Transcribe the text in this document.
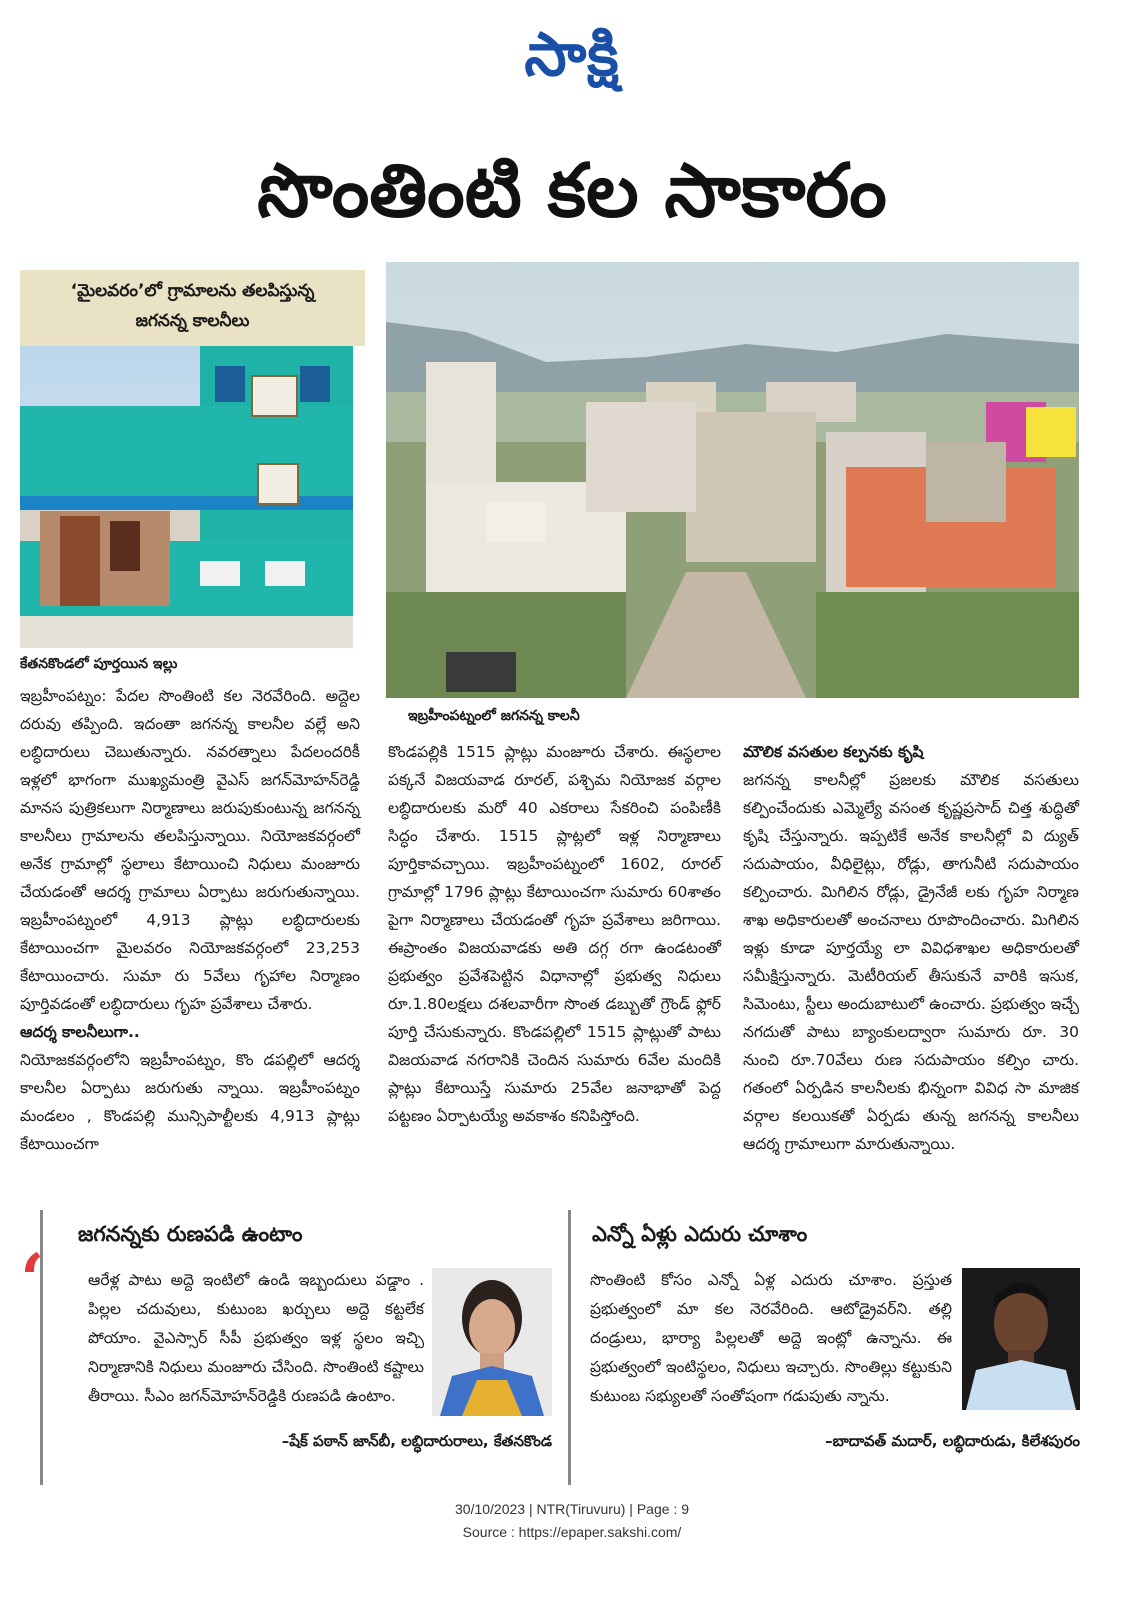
సాక్షి
సొంతింటి కల సాకారం
‘మైలవరం’లో గ్రామాలను తలపిస్తున్న
జగనన్న కాలనీలు
కేతనకొండలో పూర్తయిన ఇల్లు
ఇబ్రహీంపట్నంలో జగనన్న కాలనీ

ఇబ్రహీంపట్నం: పేదల సొంతింటి కల నెరవేరింది. అద్దెల దరువు తప్పింది. ఇదంతా జగనన్న కాలనీల వల్లే అని లబ్ధిదారులు చెబుతున్నారు. నవరత్నాలు పేదలందరికీ ఇళ్లలో భాగంగా ముఖ్యమంత్రి వైఎస్ జగన్‌మోహన్‌రెడ్డి మానస పుత్రికలుగా నిర్మాణాలు జరుపుకుంటున్న జగనన్న కాలనీలు గ్రామాలను తలపిస్తున్నాయి. నియోజకవర్గంలో అనేక గ్రామాల్లో స్థలాలు కేటాయించి నిధులు మంజూరు చేయడంతో ఆదర్శ గ్రామాలు ఏర్పాటు జరుగుతున్నాయి. ఇబ్రహీంపట్నంలో 4,913 ప్లాట్లు లబ్ధిదారులకు కేటాయించగా మైలవరం నియోజకవర్గంలో 23,253 కేటాయించారు. సుమా రు 5వేలు గృహాల నిర్మాణం పూర్తివడంతో లబ్ధిదారులు గృహ ప్రవేశాలు చేశారు.

ఆదర్శ కాలనీలుగా..

నియోజకవర్గంలోని ఇబ్రహీంపట్నం, కొం డపల్లిలో ఆదర్శ కాలనీల ఏర్పాటు జరుగుతు న్నాయి. ఇబ్రహీంపట్నం మండలం , కొండపల్లి మున్సిపాల్టీలకు 4,913 ప్లాట్లు కేటాయించగా

కొండపల్లికి 1515 ప్లాట్లు మంజూరు చేశారు. ఈస్థలాల పక్కనే విజయవాడ రూరల్, పశ్చిమ నియోజక వర్గాల లబ్ధిదారులకు మరో 40 ఎకరాలు సేకరించి పంపిణీకి సిద్ధం చేశారు. 1515 ప్లాట్లలో ఇళ్ల నిర్మాణాలు పూర్తికావచ్చాయి. ఇబ్రహీంపట్నంలో 1602, రూరల్ గ్రామాల్లో 1796 ప్లాట్లు కేటాయించగా సుమారు 60శాతం పైగా నిర్మాణాలు చేయడంతో గృహ ప్రవేశాలు జరిగాయి. ఈప్రాంతం విజయవాడకు అతి దగ్గ రగా ఉండటంతో ప్రభుత్వం ప్రవేశపెట్టిన విధానాల్లో ప్రభుత్వ నిధులు రూ.1.80లక్షలు దశలవారీగా సొంత డబ్బుతో గ్రౌండ్ ఫ్లోర్ పూర్తి చేసుకున్నారు. కొండపల్లిలో 1515 ప్లాట్లుతో పాటు విజయవాడ నగరానికి చెందిన సుమారు 6వేల మందికి ప్లాట్లు కేటాయిస్తే సుమారు 25వేల జనాభాతో పెద్ద పట్టణం ఏర్పాటయ్యే అవకాశం కనిపిస్తోంది.

మౌలిక వసతుల కల్పనకు కృషి

జగనన్న కాలనీల్లో ప్రజలకు మౌలిక వసతులు కల్పించేందుకు ఎమ్మెల్యే వసంత కృష్ణప్రసాద్ చిత్త శుద్ధితో కృషి చేస్తున్నారు. ఇప్పటికే అనేక కాలనీల్లో వి ద్యుత్ సదుపాయం, వీధిలైట్లు, రోడ్లు, తాగునీటి సదుపాయం కల్పించారు. మిగిలిన రోడ్లు, డ్రైనేజీ లకు గృహ నిర్మాణ శాఖ అధికారులతో అంచనాలు రూపొందించారు. మిగిలిన ఇళ్లు కూడా పూర్తయ్యే లా వివిధశాఖల అధికారులతో సమీక్షిస్తున్నారు. మెటీరియల్ తీసుకునే వారికి ఇసుక, సిమెంటు, స్టీలు అందుబాటులో ఉంచారు. ప్రభుత్వం ఇచ్చే నగదుతో పాటు బ్యాంకులద్వారా సుమారు రూ. 30 నుంచి రూ.70వేలు రుణ సదుపాయం కల్పిం చారు. గతంలో ఏర్పడిన కాలనీలకు భిన్నంగా వివిధ సా మాజిక వర్గాల కలయికతో ఏర్పడు తున్న జగనన్న కాలనీలు ఆదర్శ గ్రామాలుగా మారుతున్నాయి.

జగనన్నకు రుణపడి ఉంటాం
‘	ఆరేళ్ల పాటు అద్దె ఇంటిలో ఉండి ఇబ్బందులు పడ్డాం . పిల్లల చదువులు, కుటుంబ ఖర్చులు అద్దె కట్టలేక పోయాం. వైఎస్సార్ సీపీ ప్రభుత్వం ఇళ్ల స్థలం ఇచ్చి నిర్మాణానికి నిధులు మంజూరు చేసింది. సొంతింటి కష్టాలు తీరాయి. సీఎం జగన్‌మోహన్‌రెడ్డికి రుణపడి ఉంటాం.
–షేక్ పఠాన్ జాన్‌బీ, లబ్ధిదారురాలు, కేతనకొండ
ఎన్నో ఏళ్లు ఎదురు చూశాం
సొంతింటి కోసం ఎన్నో ఏళ్ల ఎదురు చూశాం. ప్రస్తుత ప్రభుత్వంలో మా కల నెరవేరింది. ఆటోడ్రైవర్‌ని. తల్లి దండ్రులు, భార్యా పిల్లలతో అద్దె ఇంట్లో ఉన్నాను. ఈ ప్రభుత్వంలో ఇంటిస్థలం, నిధులు ఇచ్చారు. సొంతిల్లు కట్టుకుని కుటుంబ సభ్యులతో సంతోషంగా గడుపుతు న్నాను.
–బాదావత్ మదార్, లబ్ధిదారుడు, కిలేశపురం
30/10/2023 | NTR(Tiruvuru) | Page : 9
Source : https://epaper.sakshi.com/
